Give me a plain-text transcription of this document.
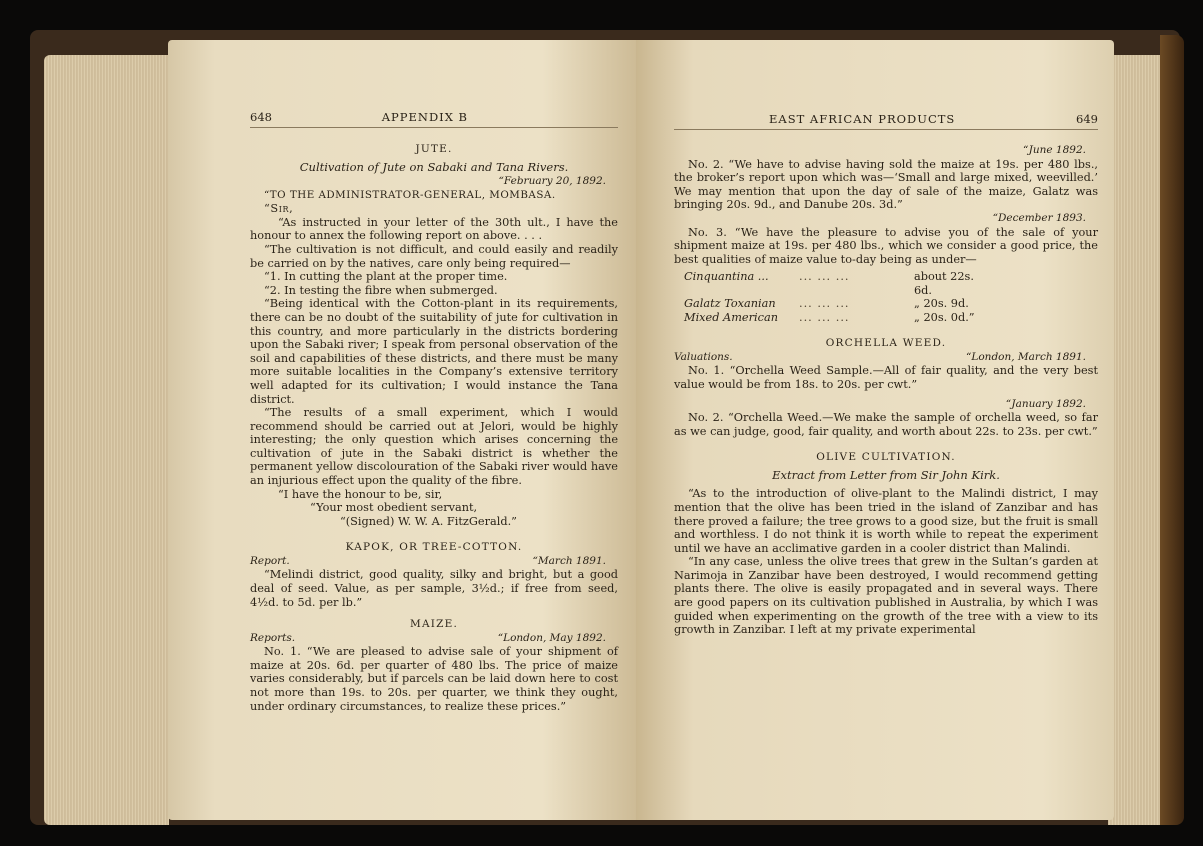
648	APPENDIX B

JUTE.

Cultivation of Jute on Sabaki and Tana Rivers.

“February 20, 1892.

“TO THE ADMINISTRATOR-GENERAL, MOMBASA.

“Sir,

“As instructed in your letter of the 30th ult., I have the honour to annex the following report on above. . . .

“The cultivation is not difficult, and could easily and readily be carried on by the natives, care only being required—

“1. In cutting the plant at the proper time.

“2. In testing the fibre when submerged.

“Being identical with the Cotton-plant in its requirements, there can be no doubt of the suitability of jute for cultivation in this country, and more particularly in the districts bordering upon the Sabaki river; I speak from personal observation of the soil and capabilities of these districts, and there must be many more suitable localities in the Company’s extensive territory well adapted for its cultivation; I would instance the Tana district.

“The results of a small experiment, which I would recommend should be carried out at Jelori, would be highly interesting; the only question which arises concerning the cultivation of jute in the Sabaki district is whether the permanent yellow discolouration of the Sabaki river would have an injurious effect upon the quality of the fibre.

“I have the honour to be, sir,

“Your most obedient servant,

“(Signed) W. W. A. FitzGerald.”

KAPOK, OR TREE-COTTON.

Report.	“March 1891.

“Melindi district, good quality, silky and bright, but a good deal of seed. Value, as per sample, 3½d.; if free from seed, 4½d. to 5d. per lb.”

MAIZE.

Reports.	“London, May 1892.

No. 1. “We are pleased to advise sale of your shipment of maize at 20s. 6d. per quarter of 480 lbs. The price of maize varies considerably, but if parcels can be laid down here to cost not more than 19s. to 20s. per quarter, we think they ought, under ordinary circumstances, to realize these prices.”

EAST AFRICAN PRODUCTS	649

“June 1892.

No. 2. “We have to advise having sold the maize at 19s. per 480 lbs., the broker’s report upon which was—‘Small and large mixed, weevilled.’ We may mention that upon the day of sale of the maize, Galatz was bringing 20s. 9d., and Danube 20s. 3d.”

“December 1893.

No. 3. “We have the pleasure to advise you of the sale of your shipment maize at 19s. per 480 lbs., which we consider a good price, the best qualities of maize value to-day being as under—

Cinquantina ...	... ... ...	about 22s. 6d.
Galatz Toxanian	... ... ...	„ 20s. 9d.
Mixed American	... ... ...	„ 20s. 0d.”

ORCHELLA WEED.

Valuations.	“London, March 1891.

No. 1. “Orchella Weed Sample.—All of fair quality, and the very best value would be from 18s. to 20s. per cwt.”

“January 1892.

No. 2. “Orchella Weed.—We make the sample of orchella weed, so far as we can judge, good, fair quality, and worth about 22s. to 23s. per cwt.”

OLIVE CULTIVATION.

Extract from Letter from Sir John Kirk.

“As to the introduction of olive-plant to the Malindi district, I may mention that the olive has been tried in the island of Zanzibar and has there proved a failure; the tree grows to a good size, but the fruit is small and worthless. I do not think it is worth while to repeat the experiment until we have an acclimative garden in a cooler district than Malindi.

“In any case, unless the olive trees that grew in the Sultan’s garden at Narimoja in Zanzibar have been destroyed, I would recommend getting plants there. The olive is easily propagated and in several ways. There are good papers on its cultivation published in Australia, by which I was guided when experimenting on the growth of the tree with a view to its growth in Zanzibar. I left at my private experimental
